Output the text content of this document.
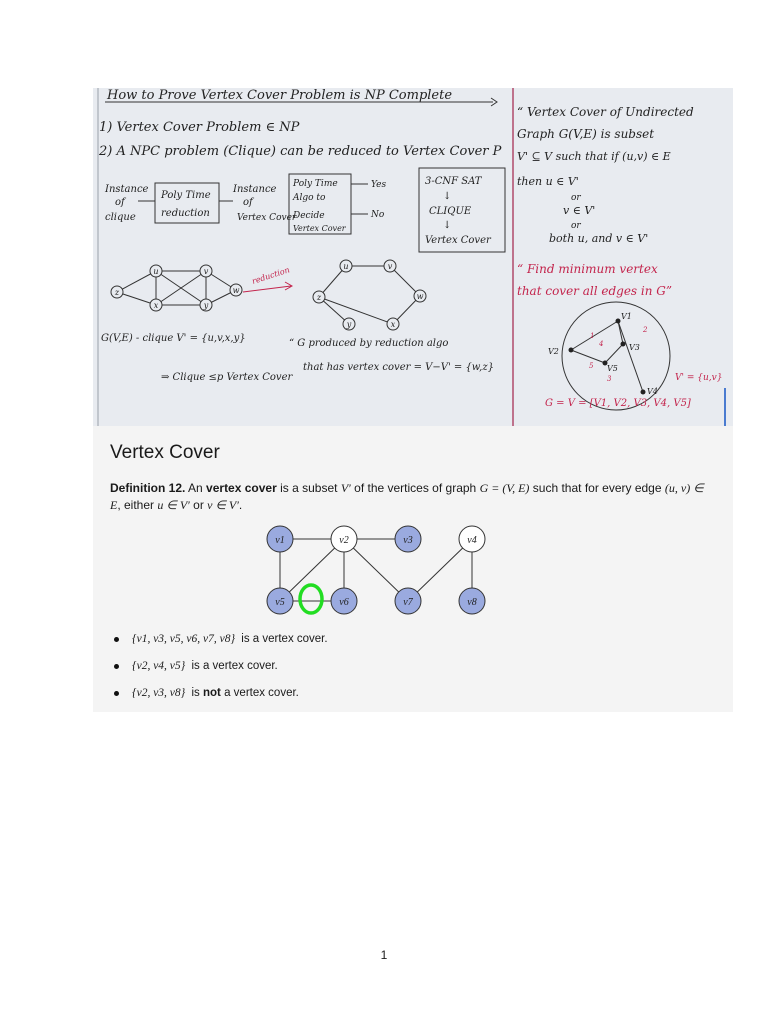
How to Prove Vertex Cover Problem is NP Complete
1) Vertex Cover Problem ∈ NP
2) A NPC problem (Clique) can be reduced to Vertex Cover P
Instance
of
clique
Poly Time
reduction
Instance
of
Vertex Cover
Poly Time
Algo to
Decide
Vertex Cover
Yes
No
3-CNF SAT
↓
CLIQUE
↓
Vertex Cover
“ Vertex Cover of Undirected
Graph G(V,E) is subset
V' ⊆ V such that if (u,v) ∈ E
then u ∈ V'
or
v ∈ V'
or
both u, and v ∈ V'
“ Find minimum vertex
that cover all edges in G”
u	v
z	w
x	y
reduction	u	v
z	w
y	x
G(V,E) - clique V' = {u,v,x,y}	“ G produced by reduction algo
that has vertex cover = V−V' = {w,z}
⇒ Clique ≤p Vertex Cover
V1
V2	V3
V4
V5
1
2
3
4
5
V' = {u,v}
G = V = [V1, V2, V3, V4, V5]
Vertex Cover

Definition 12. An vertex cover is a subset V′ of the vertices of graph G = (V, E) such that for every edge (u, v) ∈ E, either u ∈ V′ or v ∈ V′.

v1	v2	v3	v4
v5	v6	v7	v8
{v1, v3, v5, v6, v7, v8} is a vertex cover.
{v2, v4, v5} is a vertex cover.
{v2, v3, v8} is not a vertex cover.
1
